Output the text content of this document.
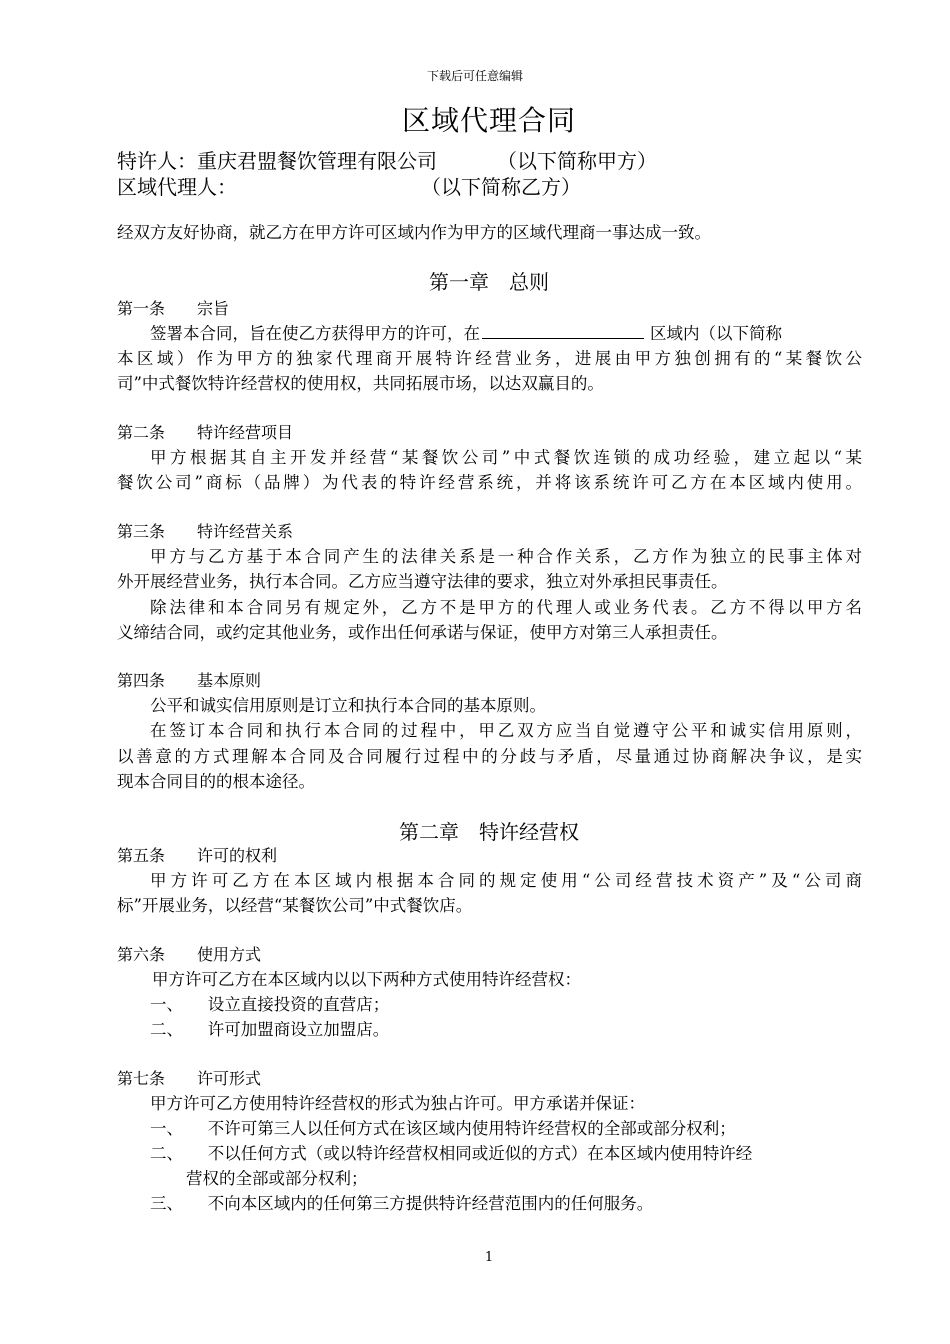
下载后可任意编辑
区域代理合同
特许人：重庆君盟餐饮管理有限公司	（以下简称甲方）
区域代理人：	（以下简称乙方）
经双方友好协商，就乙方在甲方许可区域内作为甲方的区域代理商一事达成一致。
第一章　总则
第一条　　宗旨
签署本合同，旨在使乙方获得甲方的许可，在	区域内（以下简称
本区域）作为甲方的独家代理商开展特许经营业务，进展由甲方独创拥有的“某餐饮公
司”中式餐饮特许经营权的使用权，共同拓展市场，以达双赢目的。
第二条　　特许经营项目
甲方根据其自主开发并经营“某餐饮公司”中式餐饮连锁的成功经验，建立起以“某
餐饮公司”商标（品牌）为代表的特许经营系统，并将该系统许可乙方在本区域内使用。
第三条　　特许经营关系
甲方与乙方基于本合同产生的法律关系是一种合作关系，乙方作为独立的民事主体对
外开展经营业务，执行本合同。乙方应当遵守法律的要求，独立对外承担民事责任。
除法律和本合同另有规定外，乙方不是甲方的代理人或业务代表。乙方不得以甲方名
义缔结合同，或约定其他业务，或作出任何承诺与保证，使甲方对第三人承担责任。
第四条　　基本原则
公平和诚实信用原则是订立和执行本合同的基本原则。
在签订本合同和执行本合同的过程中，甲乙双方应当自觉遵守公平和诚实信用原则，
以善意的方式理解本合同及合同履行过程中的分歧与矛盾，尽量通过协商解决争议，是实
现本合同目的的根本途径。
第二章　特许经营权
第五条　　许可的权利
甲方许可乙方在本区域内根据本合同的规定使用“公司经营技术资产”及“公司商
标”开展业务，以经营“某餐饮公司”中式餐饮店。
第六条　　使用方式
甲方许可乙方在本区域内以以下两种方式使用特许经营权：
一、　　设立直接投资的直营店；
二、　　许可加盟商设立加盟店。
第七条　　许可形式
甲方许可乙方使用特许经营权的形式为独占许可。甲方承诺并保证：
一、　　不许可第三人以任何方式在该区域内使用特许经营权的全部或部分权利；
二、　　不以任何方式（或以特许经营权相同或近似的方式）在本区域内使用特许经
营权的全部或部分权利；
三、　　不向本区域内的任何第三方提供特许经营范围内的任何服务。
1
